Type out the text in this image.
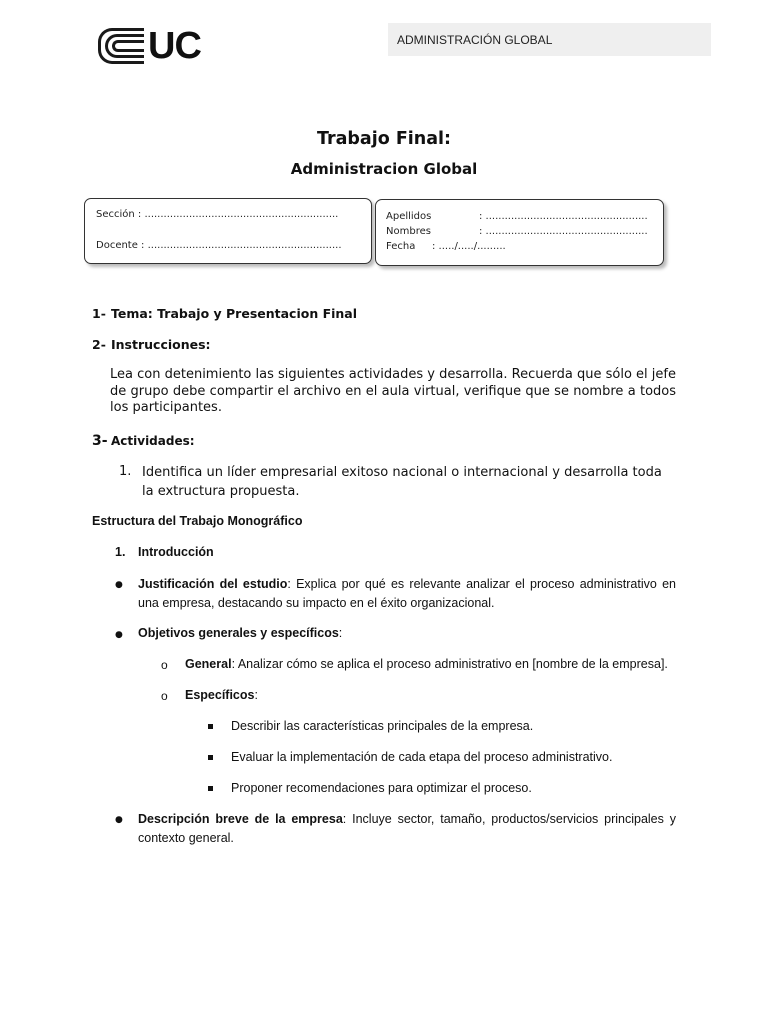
UC	ADMINISTRACIÓN GLOBAL
Trabajo Final:
Administracion Global
Sección : .............................................................
Docente : .............................................................
Apellidos	: ...................................................
Nombres	: ...................................................
Fecha : ...../...../.........
1- Tema: Trabajo y Presentacion Final
2- Instrucciones:
Lea con detenimiento las siguientes actividades y desarrolla. Recuerda que sólo el jefe de grupo debe compartir el archivo en el aula virtual, verifique que se nombre a todos los participantes.
3- Actividades:
1. Identifica un líder empresarial exitoso nacional o internacional y desarrolla toda la extructura propuesta.
Estructura del Trabajo Monográfico
1. Introducción
● Justificación del estudio: Explica por qué es relevante analizar el proceso administrativo en una empresa, destacando su impacto en el éxito organizacional.
● Objetivos generales y específicos:
o General: Analizar cómo se aplica el proceso administrativo en [nombre de la empresa].
o Específicos:
Describir las características principales de la empresa.
Evaluar la implementación de cada etapa del proceso administrativo.
Proponer recomendaciones para optimizar el proceso.
● Descripción breve de la empresa: Incluye sector, tamaño, productos/servicios principales y contexto general.
